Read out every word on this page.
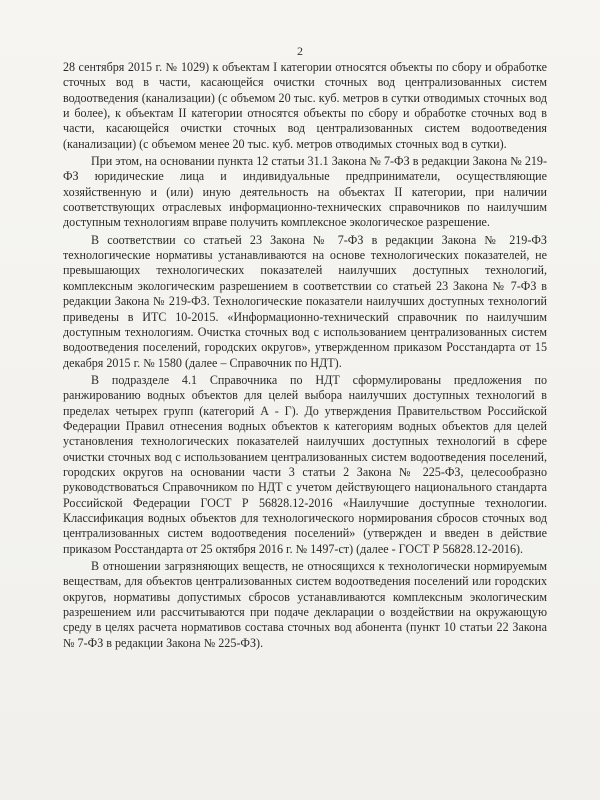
2

28 сентября 2015 г. № 1029) к объектам I категории относятся объекты по сбору и обработке сточных вод в части, касающейся очистки сточных вод централизованных систем водоотведения (канализации) (с объемом 20 тыс. куб. метров в сутки отводимых сточных вод и более), к объектам II категории относятся объекты по сбору и обработке сточных вод в части, касающейся очистки сточных вод централизованных систем водоотведения (канализации) (с объемом менее 20 тыс. куб. метров отводимых сточных вод в сутки).

При этом, на основании пункта 12 статьи 31.1 Закона № 7-ФЗ в редакции Закона № 219-ФЗ юридические лица и индивидуальные предприниматели, осуществляющие хозяйственную и (или) иную деятельность на объектах II категории, при наличии соответствующих отраслевых информационно-технических справочников по наилучшим доступным технологиям вправе получить комплексное экологическое разрешение.

В соответствии со статьей 23 Закона № 7-ФЗ в редакции Закона № 219-ФЗ технологические нормативы устанавливаются на основе технологических показателей, не превышающих технологических показателей наилучших доступных технологий, комплексным экологическим разрешением в соответствии со статьей 23 Закона № 7-ФЗ в редакции Закона № 219-ФЗ. Технологические показатели наилучших доступных технологий приведены в ИТС 10-2015. «Информационно-технический справочник по наилучшим доступным технологиям. Очистка сточных вод с использованием централизованных систем водоотведения поселений, городских округов», утвержденном приказом Росстандарта от 15 декабря 2015 г. № 1580 (далее – Справочник по НДТ).

В подразделе 4.1 Справочника по НДТ сформулированы предложения по ранжированию водных объектов для целей выбора наилучших доступных технологий в пределах четырех групп (категорий А - Г). До утверждения Правительством Российской Федерации Правил отнесения водных объектов к категориям водных объектов для целей установления технологических показателей наилучших доступных технологий в сфере очистки сточных вод с использованием централизованных систем водоотведения поселений, городских округов на основании части 3 статьи 2 Закона № 225-ФЗ, целесообразно руководствоваться Справочником по НДТ с учетом действующего национального стандарта Российской Федерации ГОСТ Р 56828.12-2016 «Наилучшие доступные технологии. Классификация водных объектов для технологического нормирования сбросов сточных вод централизованных систем водоотведения поселений» (утвержден и введен в действие приказом Росстандарта от 25 октября 2016 г. № 1497-ст) (далее - ГОСТ Р 56828.12-2016).

В отношении загрязняющих веществ, не относящихся к технологически нормируемым веществам, для объектов централизованных систем водоотведения поселений или городских округов, нормативы допустимых сбросов устанавливаются комплексным экологическим разрешением или рассчитываются при подаче декларации о воздействии на окружающую среду в целях расчета нормативов состава сточных вод абонента (пункт 10 статьи 22 Закона № 7-ФЗ в редакции Закона № 225-ФЗ).
